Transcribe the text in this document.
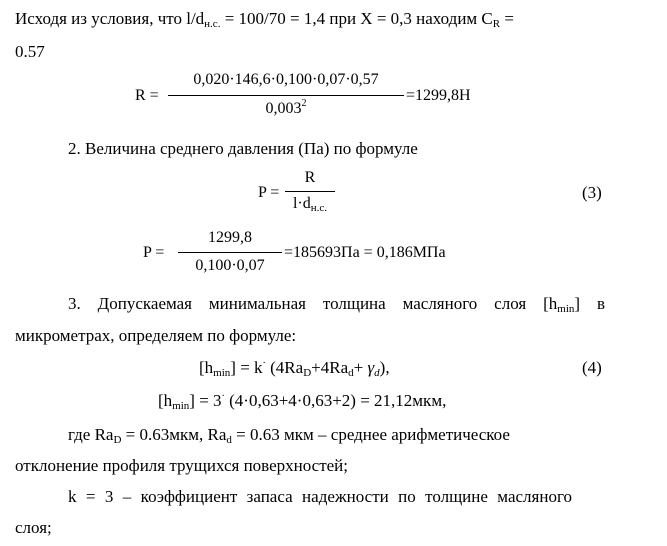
Исходя из условия, что $l/d_{н.с.} = 100/70 = 1,4$ при Х = 0,3 находим $С_R$ =
0.57
R =
0,020·146,6·0,100·0,07·0,57
$0,003^2$	=1299,8Н
2. Величина среднего давления (Па) по формуле
P =
R
$l\cdot d_{н.с.}$
(3)
P =
1299,8
0,100·0,07
=185693Па = 0,186МПа
3. Допускаемая минимальная толщина масляного слоя $[h_{min}]$ в
микрометрах, определяем по формуле:
$[h_{min}] = k^\cdot$ $(4Ra_D+4Ra_d+ \gamma_d)$,	(4)
$[h_{min}] = 3^\cdot$ (4·0,63+4·0,63+2) = 21,12мкм,
где $Ra_D = 0.63мкм$, $Ra_d = 0.63$ мкм – среднее арифметическое
отклонение профиля трущихся поверхностей;
k = 3 – коэффициент запаса надежности по толщине масляного
слоя;
